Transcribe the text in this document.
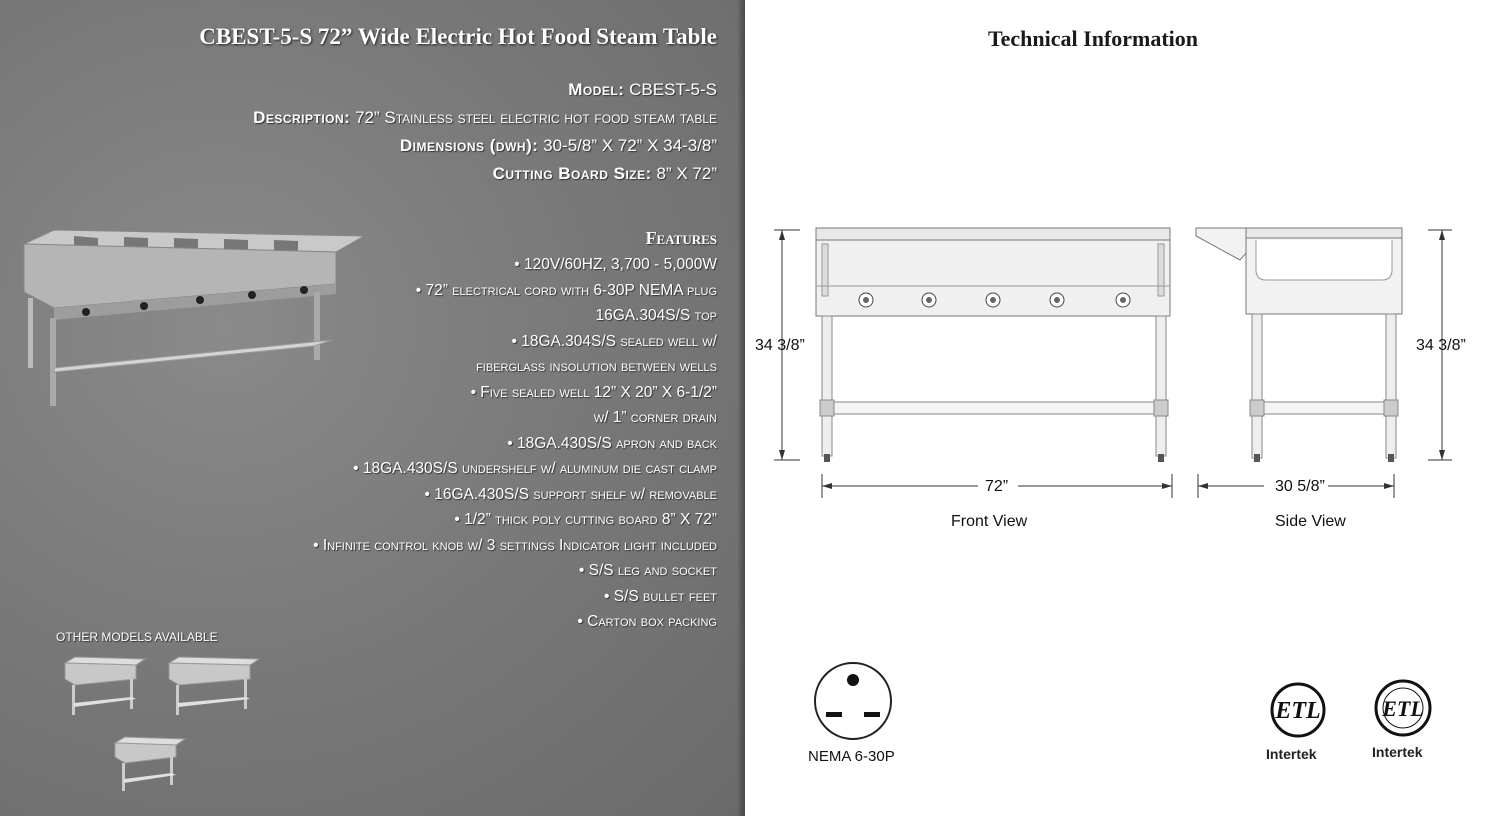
CBEST-5-S 72” Wide Electric Hot Food Steam Table
Model: CBEST-5-S
Description: 72” Stainless steel electric hot food steam table
Dimensions (dwh): 30-5/8” X 72” X 34-3/8”
Cutting Board Size: 8” X 72”
Features
• 120V/60HZ, 3,700 - 5,000W
• 72” electrical cord with 6-30P NEMA plug
16GA.304S/S top
• 18GA.304S/S sealed well w/
fiberglass insolution between wells
• Five sealed well 12” X 20” X 6-1/2”
w/ 1” corner drain
• 18GA.430S/S apron and back
• 18GA.430S/S undershelf w/ aluminum die cast clamp
• 16GA.430S/S support shelf w/ removable
• 1/2” thick poly cutting board 8” X 72”
• Infinite control knob w/ 3 settings Indicator light included
• S/S leg and socket
• S/S bullet feet
• Carton box packing
OTHER MODELS AVAILABLE
Technical Information
34 3/8”
72”
Front View
34 3/8”
30 5/8”
Side View
NEMA 6-30P
ETL
Intertek
ETL
Intertek
